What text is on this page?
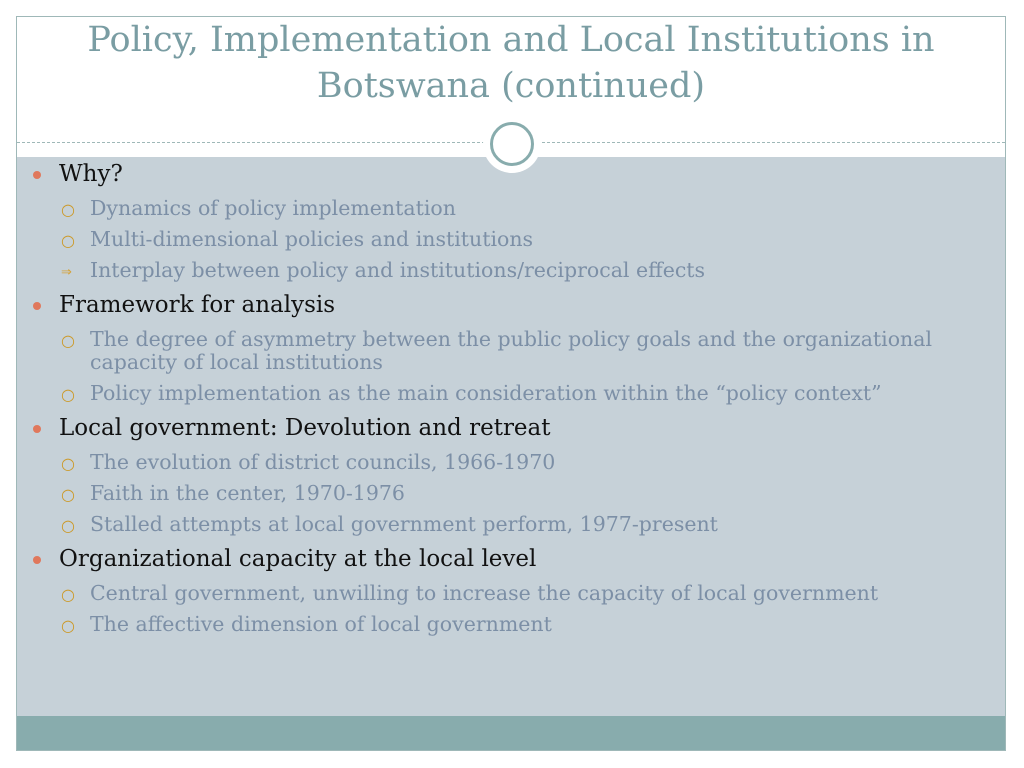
Policy, Implementation and Local Institutions in Botswana (continued)
Why?
○ Dynamics of policy implementation
○ Multi-dimensional policies and institutions
⇒ Interplay between policy and institutions/reciprocal effects
Framework for analysis
○ The degree of asymmetry between the public policy goals and the organizational capacity of local institutions
○ Policy implementation as the main consideration within the “policy context”
Local government: Devolution and retreat
○ The evolution of district councils, 1966-1970
○ Faith in the center, 1970-1976
○ Stalled attempts at local government perform, 1977-present
Organizational capacity at the local level
○ Central government, unwilling to increase the capacity of local government
○ The affective dimension of local government
